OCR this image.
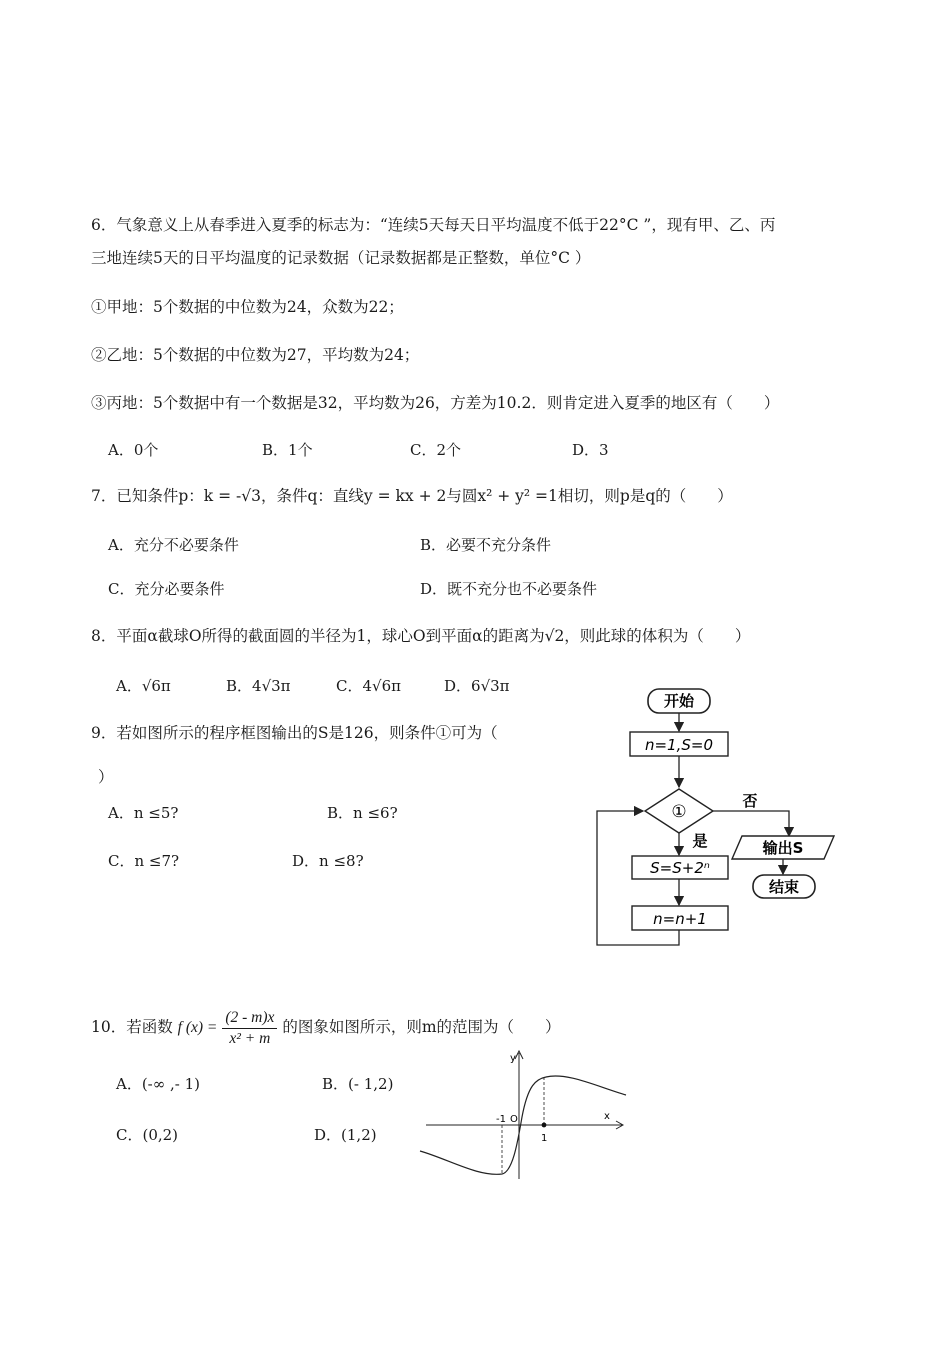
6．气象意义上从春季进入夏季的标志为：“连续5天每天日平均温度不低于22°C ”，现有甲、乙、丙
三地连续5天的日平均温度的记录数据（记录数据都是正整数，单位°C ）
①甲地：5个数据的中位数为24，众数为22；
②乙地：5个数据的中位数为27，平均数为24；
③丙地：5个数据中有一个数据是32，平均数为26，方差为10.2．则肯定进入夏季的地区有（　　）
A．0个	B．1个	C．2个	D．3
7．已知条件p：k = -√3，条件q：直线y = kx + 2与圆x² + y² =1相切，则p是q的（　　）
A．充分不必要条件	B．必要不充分条件
C．充分必要条件	D．既不充分也不必要条件
8．平面α截球O所得的截面圆的半径为1，球心O到平面α的距离为√2，则此球的体积为（　　）
A．√6π	B．4√3π	C．4√6π	D．6√3π
9．若如图所示的程序框图输出的S是126，则条件①可为（
）
A．n ≤5?	B．n ≤6?
C．n ≤7?	D．n ≤8?
开始
n=1,S=0
①
否
输出S
结束
是
S=S+2ⁿ
n=n+1
10．若函数 f $(x) = \frac{(2 - m)x}{\text{x² + m}}$ 的图象如图所示，则m的范围为（　　）
A．(-∞ ,- 1)	B．(- 1,2)
C．(0,2)	D．(1,2)
x
y
-1 O
1
